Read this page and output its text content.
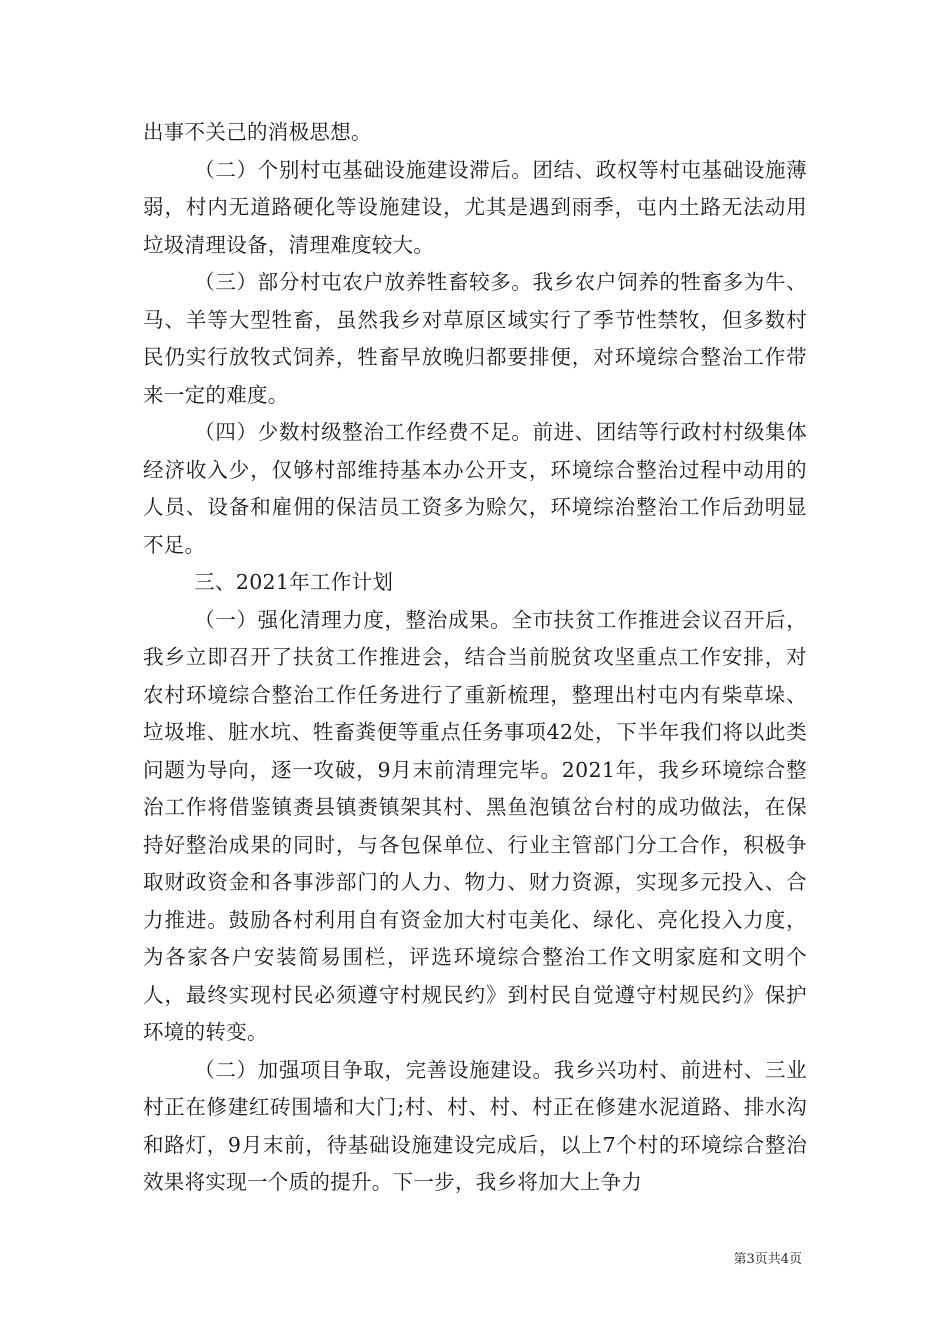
出事不关己的消极思想。

（二）个别村屯基础设施建设滞后。团结、政权等村屯基础设施薄弱，村内无道路硬化等设施建设，尤其是遇到雨季，屯内土路无法动用垃圾清理设备，清理难度较大。

（三）部分村屯农户放养牲畜较多。我乡农户饲养的牲畜多为牛、马、羊等大型牲畜，虽然我乡对草原区域实行了季节性禁牧，但多数村民仍实行放牧式饲养，牲畜早放晚归都要排便，对环境综合整治工作带来一定的难度。

（四）少数村级整治工作经费不足。前进、团结等行政村村级集体经济收入少，仅够村部维持基本办公开支，环境综合整治过程中动用的人员、设备和雇佣的保洁员工资多为赊欠，环境综治整治工作后劲明显不足。

三、2021年工作计划

（一）强化清理力度，整治成果。全市扶贫工作推进会议召开后，我乡立即召开了扶贫工作推进会，结合当前脱贫攻坚重点工作安排，对农村环境综合整治工作任务进行了重新梳理，整理出村屯内有柴草垛、垃圾堆、脏水坑、牲畜粪便等重点任务事项42处，下半年我们将以此类问题为导向，逐一攻破，9月末前清理完毕。2021年，我乡环境综合整治工作将借鉴镇赉县镇赉镇架其村、黑鱼泡镇岔台村的成功做法，在保持好整治成果的同时，与各包保单位、行业主管部门分工合作，积极争取财政资金和各事涉部门的人力、物力、财力资源，实现多元投入、合力推进。鼓励各村利用自有资金加大村屯美化、绿化、亮化投入力度，为各家各户安装简易围栏，评选环境综合整治工作文明家庭和文明个人，最终实现村民必须遵守村规民约》到村民自觉遵守村规民约》保护环境的转变。

（二）加强项目争取，完善设施建设。我乡兴功村、前进村、三业村正在修建红砖围墙和大门;村、村、村、村正在修建水泥道路、排水沟和路灯，9月末前，待基础设施建设完成后，以上7个村的环境综合整治效果将实现一个质的提升。下一步，我乡将加大上争力

第3页共4页
